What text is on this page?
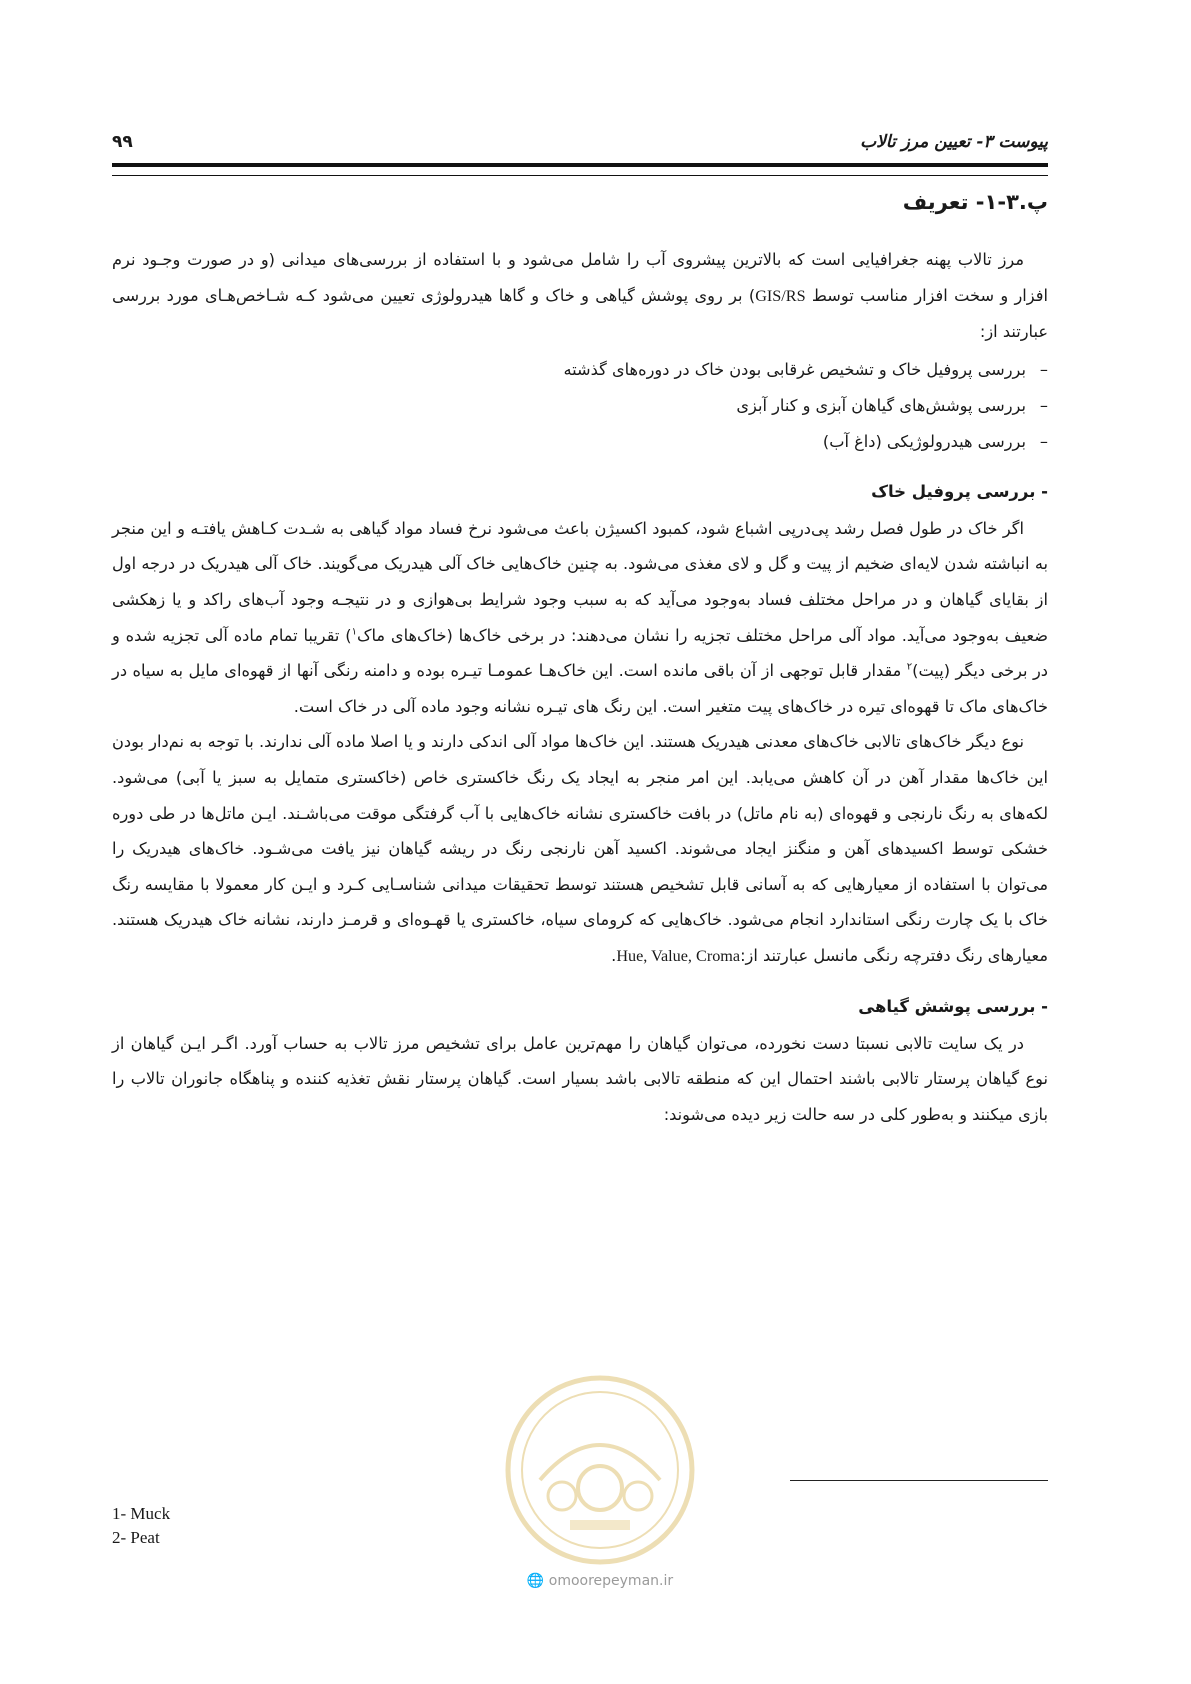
پیوست ۳- تعیین مرز تالاب
۹۹
پ.۳-۱- تعریف

مرز تالاب پهنه جغرافیایی است که بالاترین پیشروی آب را شامل می‌شود و با استفاده از بررسی‌های میدانی (و در صورت وجـود نرم افزار و سخت افزار مناسب توسط GIS/RS) بر روی پوشش گیاهی و خاک و گاها هیدرولوژی تعیین می‌شود کـه شـاخص‌هـای مورد بررسی عبارتند از:

–
بررسی پروفیل خاک و تشخیص غرقابی بودن خاک در دوره‌های گذشته
–
بررسی پوشش‌های گیاهان آبزی و کنار آبزی
–
بررسی هیدرولوژیکی (داغ آب)
- بررسی پروفیل خاک

اگر خاک در طول فصل رشد پی‌درپی اشباع شود، کمبود اکسیژن باعث می‌شود نرخ فساد مواد گیاهی به شـدت کـاهش یافتـه و این منجر به انباشته شدن لایه‌ای ضخیم از پیت و گل و لای مغذی می‌شود. به چنین خاک‌هایی خاک آلی هیدریک می‌گویند. خاک آلی هیدریک در درجه اول از بقایای گیاهان و در مراحل مختلف فساد به‌وجود می‌آید که به سبب وجود شرایط بی‌هوازی و در نتیجـه وجود آب‌های راکد و یا زهکشی ضعیف به‌وجود می‌آید. مواد آلی مراحل مختلف تجزیه را نشان می‌دهند: در برخی خاک‌ها (خاک‌های ماک$^۱$) تقریبا تمام ماده آلی تجزیه شده و در برخی دیگر (پیت)$^۲$ مقدار قابل توجهی از آن باقی مانده است. این خاک‌هـا عمومـا تیـره بوده و دامنه رنگی آنها از قهوه‌ای مایل به سیاه در خاک‌های ماک تا قهوه‌ای تیره در خاک‌های پیت متغیر است. این رنگ های تیـره نشانه وجود ماده آلی در خاک است.

نوع دیگر خاک‌های تالابی خاک‌های معدنی هیدریک هستند. این خاک‌ها مواد آلی اندکی دارند و یا اصلا ماده آلی ندارند. با توجه به نم‌دار بودن این خاک‌ها مقدار آهن در آن کاهش می‌یابد. این امر منجر به ایجاد یک رنگ خاکستری خاص (خاکستری متمایل به سبز یا آبی) می‌شود. لکه‌های به رنگ نارنجی و قهوه‌ای (به نام ماتل) در بافت خاکستری نشانه خاک‌هایی با آب گرفتگی موقت می‌باشـند. ایـن ماتل‌ها در طی دوره خشکی توسط اکسیدهای آهن و منگنز ایجاد می‌شوند. اکسید آهن نارنجی رنگ در ریشه گیاهان نیز یافت می‌شـود. خاک‌های هیدریک را می‌توان با استفاده از معیارهایی که به آسانی قابل تشخیص هستند توسط تحقیقات میدانی شناسـایی کـرد و ایـن کار معمولا با مقایسه رنگ خاک با یک چارت رنگی استاندارد انجام می‌شود. خاک‌هایی که کرومای سیاه، خاکستری یا قهـوه‌ای و قرمـز دارند، نشانه خاک هیدریک هستند. معیارهای رنگ دفترچه رنگی مانسل عبارتند از:Hue, Value, Croma.

- بررسی پوشش گیاهی

در یک سایت تالابی نسبتا دست نخورده، می‌توان گیاهان را مهم‌ترین عامل برای تشخیص مرز تالاب به حساب آورد. اگـر ایـن گیاهان از نوع گیاهان پرستار تالابی باشند احتمال این که منطقه تالابی باشد بسیار است. گیاهان پرستار نقش تغذیه کننده و پناهگاه جانوران تالاب را بازی میکنند و به‌طور کلی در سه حالت زیر دیده می‌شوند:

1- Muck
2- Peat
🌐 omoorepeyman.ir
